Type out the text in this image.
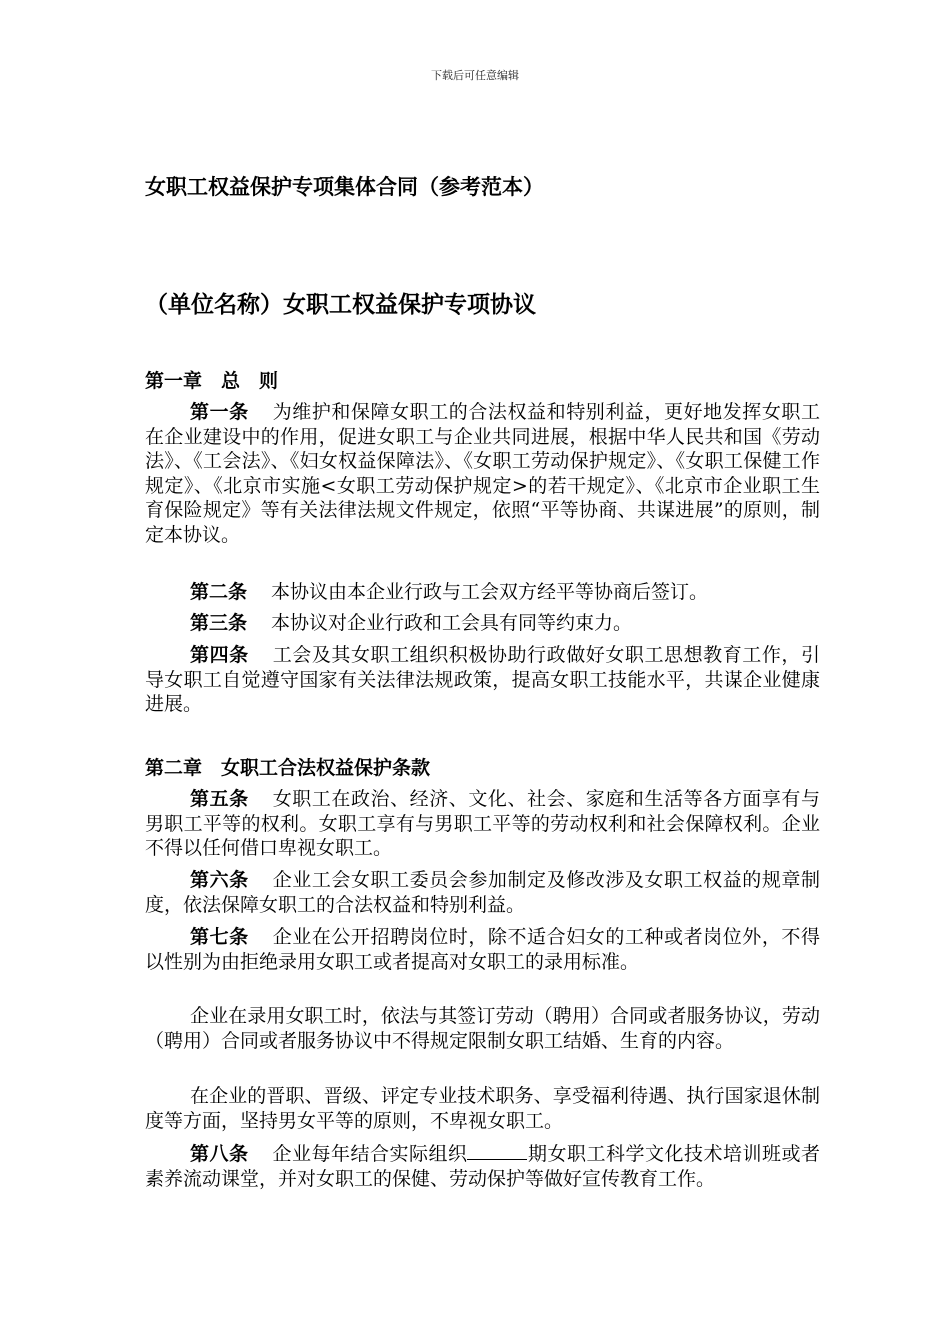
下载后可任意编辑
女职工权益保护专项集体合同（参考范本）
（单位名称）女职工权益保护专项协议
第一章　总　则

第一条 为维护和保障女职工的合法权益和特别利益，更好地发挥女职工在企业建设中的作用，促进女职工与企业共同进展，根据中华人民共和国《劳动法》、《工会法》、《妇女权益保障法》、《女职工劳动保护规定》、《女职工保健工作规定》、《北京市实施<女职工劳动保护规定>的若干规定》、《北京市企业职工生育保险规定》等有关法律法规文件规定，依照“平等协商、共谋进展”的原则，制定本协议。

第二条 本协议由本企业行政与工会双方经平等协商后签订。

第三条 本协议对企业行政和工会具有同等约束力。

第四条 工会及其女职工组织积极协助行政做好女职工思想教育工作，引导女职工自觉遵守国家有关法律法规政策，提高女职工技能水平，共谋企业健康进展。

第二章　女职工合法权益保护条款

第五条 女职工在政治、经济、文化、社会、家庭和生活等各方面享有与男职工平等的权利。女职工享有与男职工平等的劳动权利和社会保障权利。企业不得以任何借口卑视女职工。

第六条 企业工会女职工委员会参加制定及修改涉及女职工权益的规章制度，依法保障女职工的合法权益和特别利益。

第七条 企业在公开招聘岗位时，除不适合妇女的工种或者岗位外，不得以性别为由拒绝录用女职工或者提高对女职工的录用标准。

企业在录用女职工时，依法与其签订劳动（聘用）合同或者服务协议，劳动（聘用）合同或者服务协议中不得规定限制女职工结婚、生育的内容。

在企业的晋职、晋级、评定专业技术职务、享受福利待遇、执行国家退休制度等方面，坚持男女平等的原则，不卑视女职工。

第八条 企业每年结合实际组织	期女职工科学文化技术培训班或者素养流动课堂，并对女职工的保健、劳动保护等做好宣传教育工作。
